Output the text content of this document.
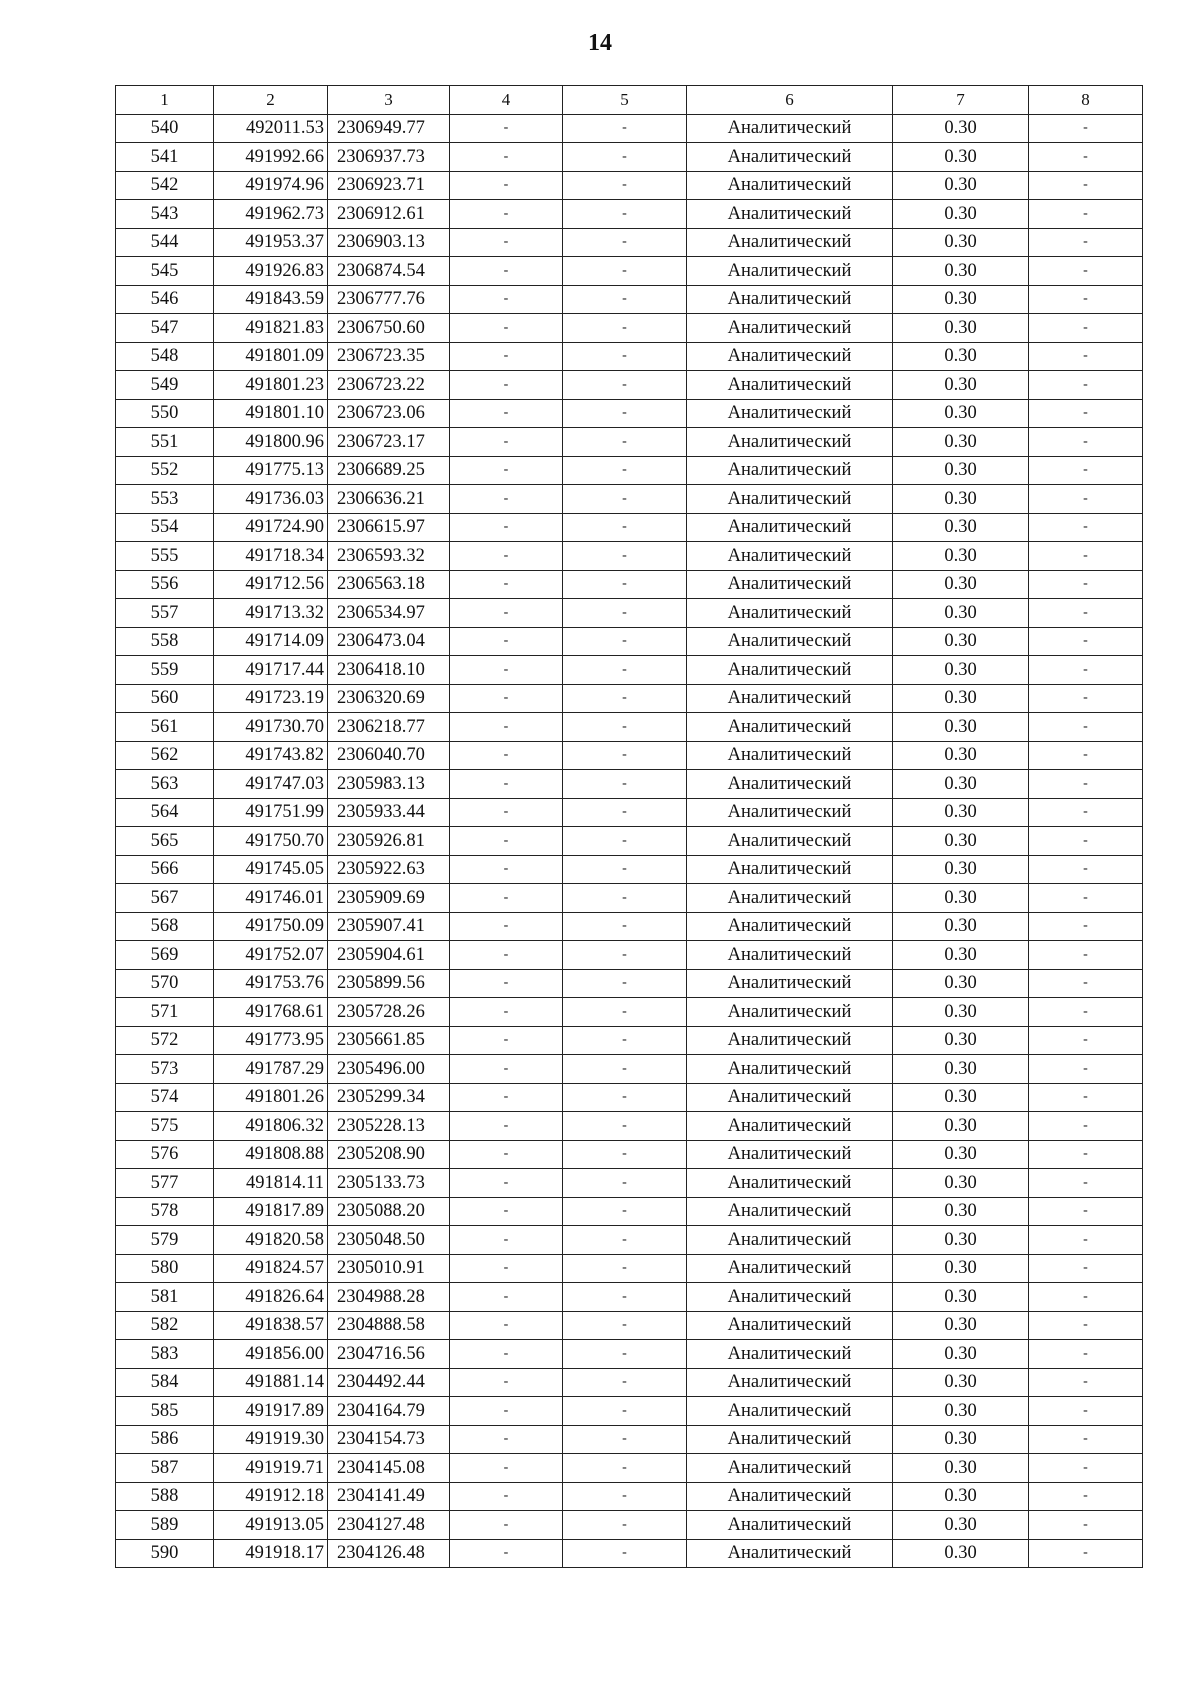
14
1	2	3	4	5	6	7	8
540	492011.53	2306949.77	-	-	Аналитический	0.30	-
541	491992.66	2306937.73	-	-	Аналитический	0.30	-
542	491974.96	2306923.71	-	-	Аналитический	0.30	-
543	491962.73	2306912.61	-	-	Аналитический	0.30	-
544	491953.37	2306903.13	-	-	Аналитический	0.30	-
545	491926.83	2306874.54	-	-	Аналитический	0.30	-
546	491843.59	2306777.76	-	-	Аналитический	0.30	-
547	491821.83	2306750.60	-	-	Аналитический	0.30	-
548	491801.09	2306723.35	-	-	Аналитический	0.30	-
549	491801.23	2306723.22	-	-	Аналитический	0.30	-
550	491801.10	2306723.06	-	-	Аналитический	0.30	-
551	491800.96	2306723.17	-	-	Аналитический	0.30	-
552	491775.13	2306689.25	-	-	Аналитический	0.30	-
553	491736.03	2306636.21	-	-	Аналитический	0.30	-
554	491724.90	2306615.97	-	-	Аналитический	0.30	-
555	491718.34	2306593.32	-	-	Аналитический	0.30	-
556	491712.56	2306563.18	-	-	Аналитический	0.30	-
557	491713.32	2306534.97	-	-	Аналитический	0.30	-
558	491714.09	2306473.04	-	-	Аналитический	0.30	-
559	491717.44	2306418.10	-	-	Аналитический	0.30	-
560	491723.19	2306320.69	-	-	Аналитический	0.30	-
561	491730.70	2306218.77	-	-	Аналитический	0.30	-
562	491743.82	2306040.70	-	-	Аналитический	0.30	-
563	491747.03	2305983.13	-	-	Аналитический	0.30	-
564	491751.99	2305933.44	-	-	Аналитический	0.30	-
565	491750.70	2305926.81	-	-	Аналитический	0.30	-
566	491745.05	2305922.63	-	-	Аналитический	0.30	-
567	491746.01	2305909.69	-	-	Аналитический	0.30	-
568	491750.09	2305907.41	-	-	Аналитический	0.30	-
569	491752.07	2305904.61	-	-	Аналитический	0.30	-
570	491753.76	2305899.56	-	-	Аналитический	0.30	-
571	491768.61	2305728.26	-	-	Аналитический	0.30	-
572	491773.95	2305661.85	-	-	Аналитический	0.30	-
573	491787.29	2305496.00	-	-	Аналитический	0.30	-
574	491801.26	2305299.34	-	-	Аналитический	0.30	-
575	491806.32	2305228.13	-	-	Аналитический	0.30	-
576	491808.88	2305208.90	-	-	Аналитический	0.30	-
577	491814.11	2305133.73	-	-	Аналитический	0.30	-
578	491817.89	2305088.20	-	-	Аналитический	0.30	-
579	491820.58	2305048.50	-	-	Аналитический	0.30	-
580	491824.57	2305010.91	-	-	Аналитический	0.30	-
581	491826.64	2304988.28	-	-	Аналитический	0.30	-
582	491838.57	2304888.58	-	-	Аналитический	0.30	-
583	491856.00	2304716.56	-	-	Аналитический	0.30	-
584	491881.14	2304492.44	-	-	Аналитический	0.30	-
585	491917.89	2304164.79	-	-	Аналитический	0.30	-
586	491919.30	2304154.73	-	-	Аналитический	0.30	-
587	491919.71	2304145.08	-	-	Аналитический	0.30	-
588	491912.18	2304141.49	-	-	Аналитический	0.30	-
589	491913.05	2304127.48	-	-	Аналитический	0.30	-
590	491918.17	2304126.48	-	-	Аналитический	0.30	-
